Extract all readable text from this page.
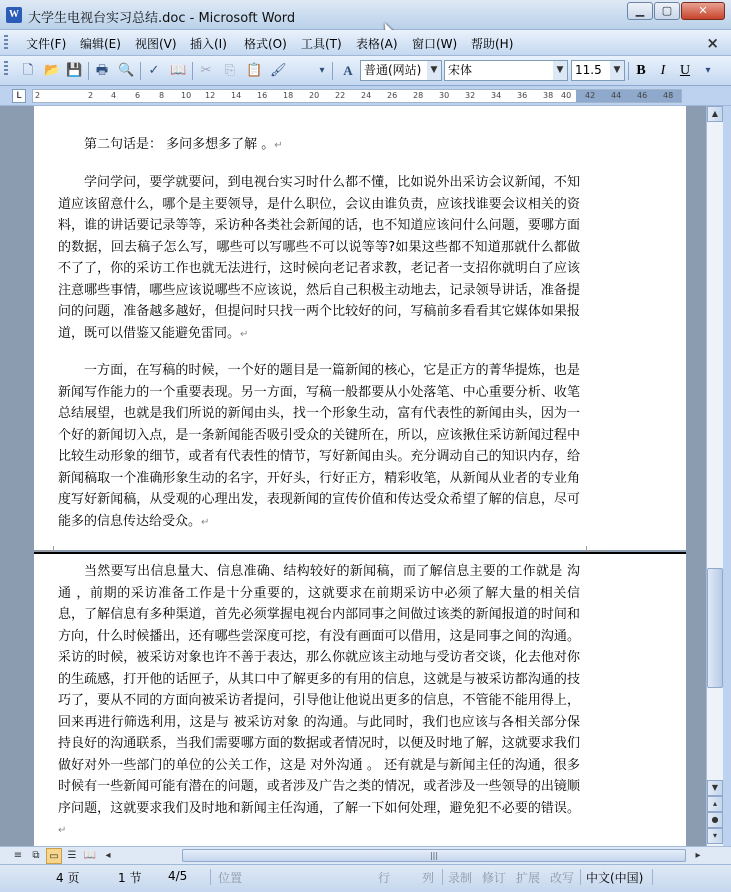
W 大学生电视台实习总结.doc - Microsoft Word
▁	▢	✕
文件(F) 编辑(E) 视图(V) 插入(I) 格式(O) 工具(T) 表格(A) 窗口(W) 帮助(H)	×
🗋 📂 💾 🖶 🔍 ✓ 📖 ✂ ⎘ 📋 🖌	▾	A 普通(网站)	▼ 宋体	▼ 11.5	▼	B	I	U	▾
L	2	2 4 6 8 10 12 14 16 18 20 22 24 26 28 30 32 34 36 38 40 42 44 46 48
第二句话是： 多问多想多了解 。↵
学问学问，要学就要问，到电视台实习时什么都不懂，比如说外出采访会议新闻，不知道应该留意什么，哪个是主要领导，是什么职位，会议由谁负责，应该找谁要会议相关的资料，谁的讲话要记录等等，采访种各类社会新闻的话，也不知道应该问什么问题，要哪方面的数据，回去稿子怎么写，哪些可以写哪些不可以说等等?如果这些都不知道那就什么都做不了了，你的采访工作也就无法进行，这时候向老记者求教，老记者一支招你就明白了应该注意哪些事情，哪些应该说哪些不应该说，然后自己积极主动地去，记录领导讲话，准备提问的问题，准备越多越好，但提问时只找一两个比较好的问，写稿前多看看其它媒体如果报道，既可以借鉴又能避免雷同。↵
一方面，在写稿的时候，一个好的题目是一篇新闻的核心，它是正方的菁华提炼，也是新闻写作能力的一个重要表现。另一方面，写稿一般都要从小处落笔、中心重要分析、收笔总结展望，也就是我们所说的新闻由头，找一个形象生动，富有代表性的新闻由头，因为一个好的新闻切入点，是一条新闻能否吸引受众的关键所在，所以，应该揪住采访新闻过程中比较生动形象的细节，或者有代表性的情节，写好新闻由头。充分调动自己的知识内存，给新闻稿取一个准确形象生动的名字，开好头，行好正方，精彩收笔，从新闻从业者的专业角度写好新闻稿，从受观的心理出发，表现新闻的宣传价值和传达受众希望了解的信息，尽可能多的信息传达给受众。↵
当然要写出信息量大、信息准确、结构较好的新闻稿，而了解信息主要的工作就是 沟通 ，前期的采访准备工作是十分重要的，这就要求在前期采访中必须了解大量的相关信息，了解信息有多种渠道，首先必须掌握电视台内部同事之间做过该类的新闻报道的时间和方向，什么时候播出，还有哪些尝深度可挖，有没有画面可以借用，这是同事之间的沟通。采访的时候，被采访对象也许不善于表达，那么你就应该主动地与受访者交谈，化去他对你的生疏感，打开他的话匣子，从其口中了解更多的有用的信息，这就是与被采访都沟通的技巧了，要从不同的方面向被采访者提问，引导他让他说出更多的信息，不管能不能用得上，回来再进行筛选利用，这是与 被采访对象 的沟通。与此同时，我们也应该与各相关部分保持良好的沟通联系，当我们需要哪方面的数据或者情况时，以便及时地了解，这就要求我们做好对外一些部门的单位的公关工作，这是 对外沟通 。 还有就是与新闻主任的沟通，很多时候有一些新闻可能有潜在的问题，或者涉及广告之类的情况，或者涉及一些领导的出镜顺序问题，这就要求我们及时地和新闻主任沟通，了解一下如何处理，避免犯不必要的错误。↵
▲
▼
▴
●
▾
≡	⧉ ▭ ☰ 📖 ◂	|||	▸
4 页	1 节 4/5	位置	行	列 录制 修订 扩展 改写 中文(中国)
